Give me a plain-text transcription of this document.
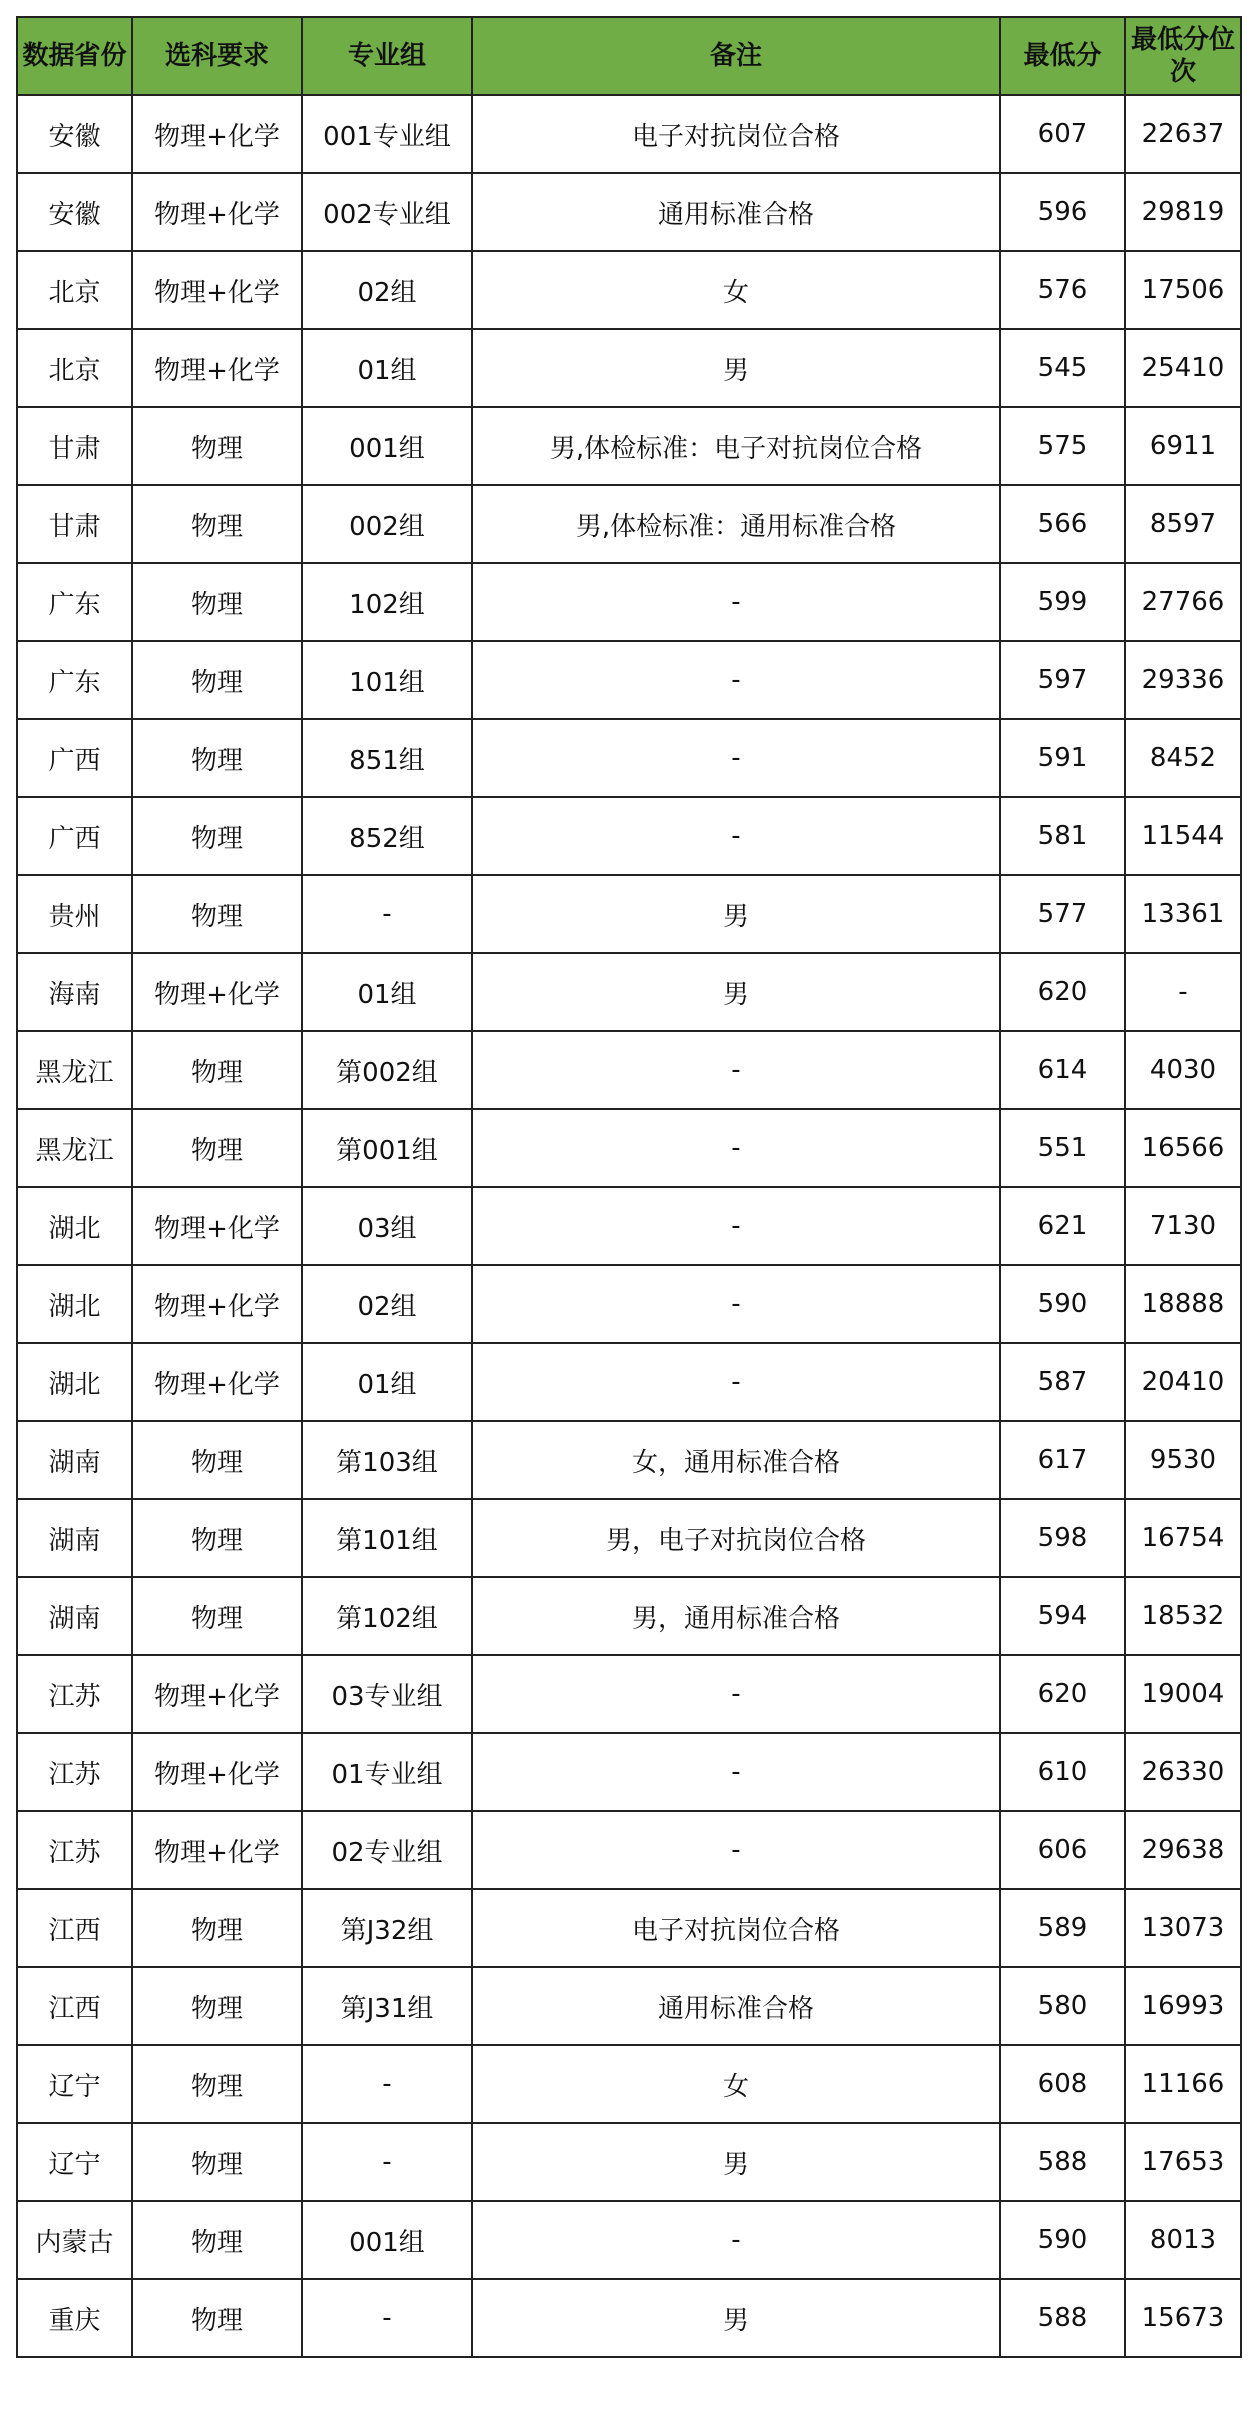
数据省份	选科要求	专业组	备注	最低分	最低分位次
安徽	物理+化学	001专业组	电子对抗岗位合格	607	22637
安徽	物理+化学	002专业组	通用标准合格	596	29819
北京	物理+化学	02组	女	576	17506
北京	物理+化学	01组	男	545	25410
甘肃	物理	001组	男,体检标准：电子对抗岗位合格	575	6911
甘肃	物理	002组	男,体检标准：通用标准合格	566	8597
广东	物理	102组	-	599	27766
广东	物理	101组	-	597	29336
广西	物理	851组	-	591	8452
广西	物理	852组	-	581	11544
贵州	物理	-	男	577	13361
海南	物理+化学	01组	男	620	-
黑龙江	物理	第002组	-	614	4030
黑龙江	物理	第001组	-	551	16566
湖北	物理+化学	03组	-	621	7130
湖北	物理+化学	02组	-	590	18888
湖北	物理+化学	01组	-	587	20410
湖南	物理	第103组	女，通用标准合格	617	9530
湖南	物理	第101组	男，电子对抗岗位合格	598	16754
湖南	物理	第102组	男，通用标准合格	594	18532
江苏	物理+化学	03专业组	-	620	19004
江苏	物理+化学	01专业组	-	610	26330
江苏	物理+化学	02专业组	-	606	29638
江西	物理	第J32组	电子对抗岗位合格	589	13073
江西	物理	第J31组	通用标准合格	580	16993
辽宁	物理	-	女	608	11166
辽宁	物理	-	男	588	17653
内蒙古	物理	001组	-	590	8013
重庆	物理	-	男	588	15673
